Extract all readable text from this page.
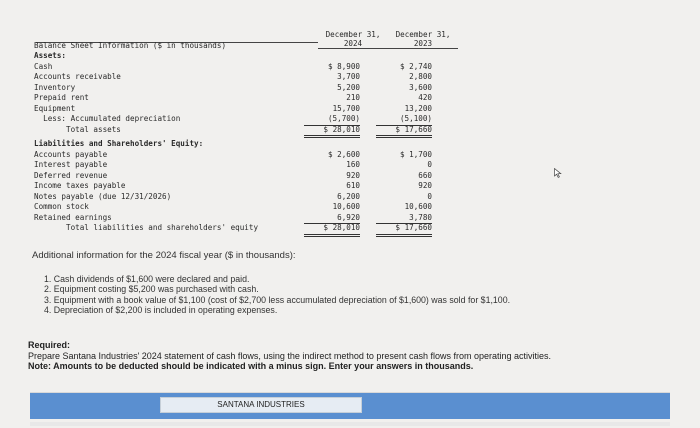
December 31, December 31,
2024	2023
Balance Sheet Information ($ in thousands)
Assets:
Cash	$ 8,900	$ 2,740
Accounts receivable	3,700	2,800
Inventory	5,200	3,600
Prepaid rent	210	420
Equipment	15,700	13,200
Less: Accumulated depreciation	(5,700)	(5,100)
Total assets	$ 28,010	$ 17,660
Liabilities and Shareholders' Equity:
Accounts payable	$ 2,600	$ 1,700
Interest payable	160	0
Deferred revenue	920	660
Income taxes payable	610	920
Notes payable (due 12/31/2026)	6,200	0
Common stock	10,600	10,600
Retained earnings	6,920	3,780
Total liabilities and shareholders' equity	$ 28,010	$ 17,660
Additional information for the 2024 fiscal year ($ in thousands):
1. Cash dividends of $1,600 were declared and paid.
2. Equipment costing $5,200 was purchased with cash.
3. Equipment with a book value of $1,100 (cost of $2,700 less accumulated depreciation of $1,600) was sold for $1,100.
4. Depreciation of $2,200 is included in operating expenses.
Required:
Prepare Santana Industries' 2024 statement of cash flows, using the indirect method to present cash flows from operating activities.
Note: Amounts to be deducted should be indicated with a minus sign. Enter your answers in thousands.
SANTANA INDUSTRIES
